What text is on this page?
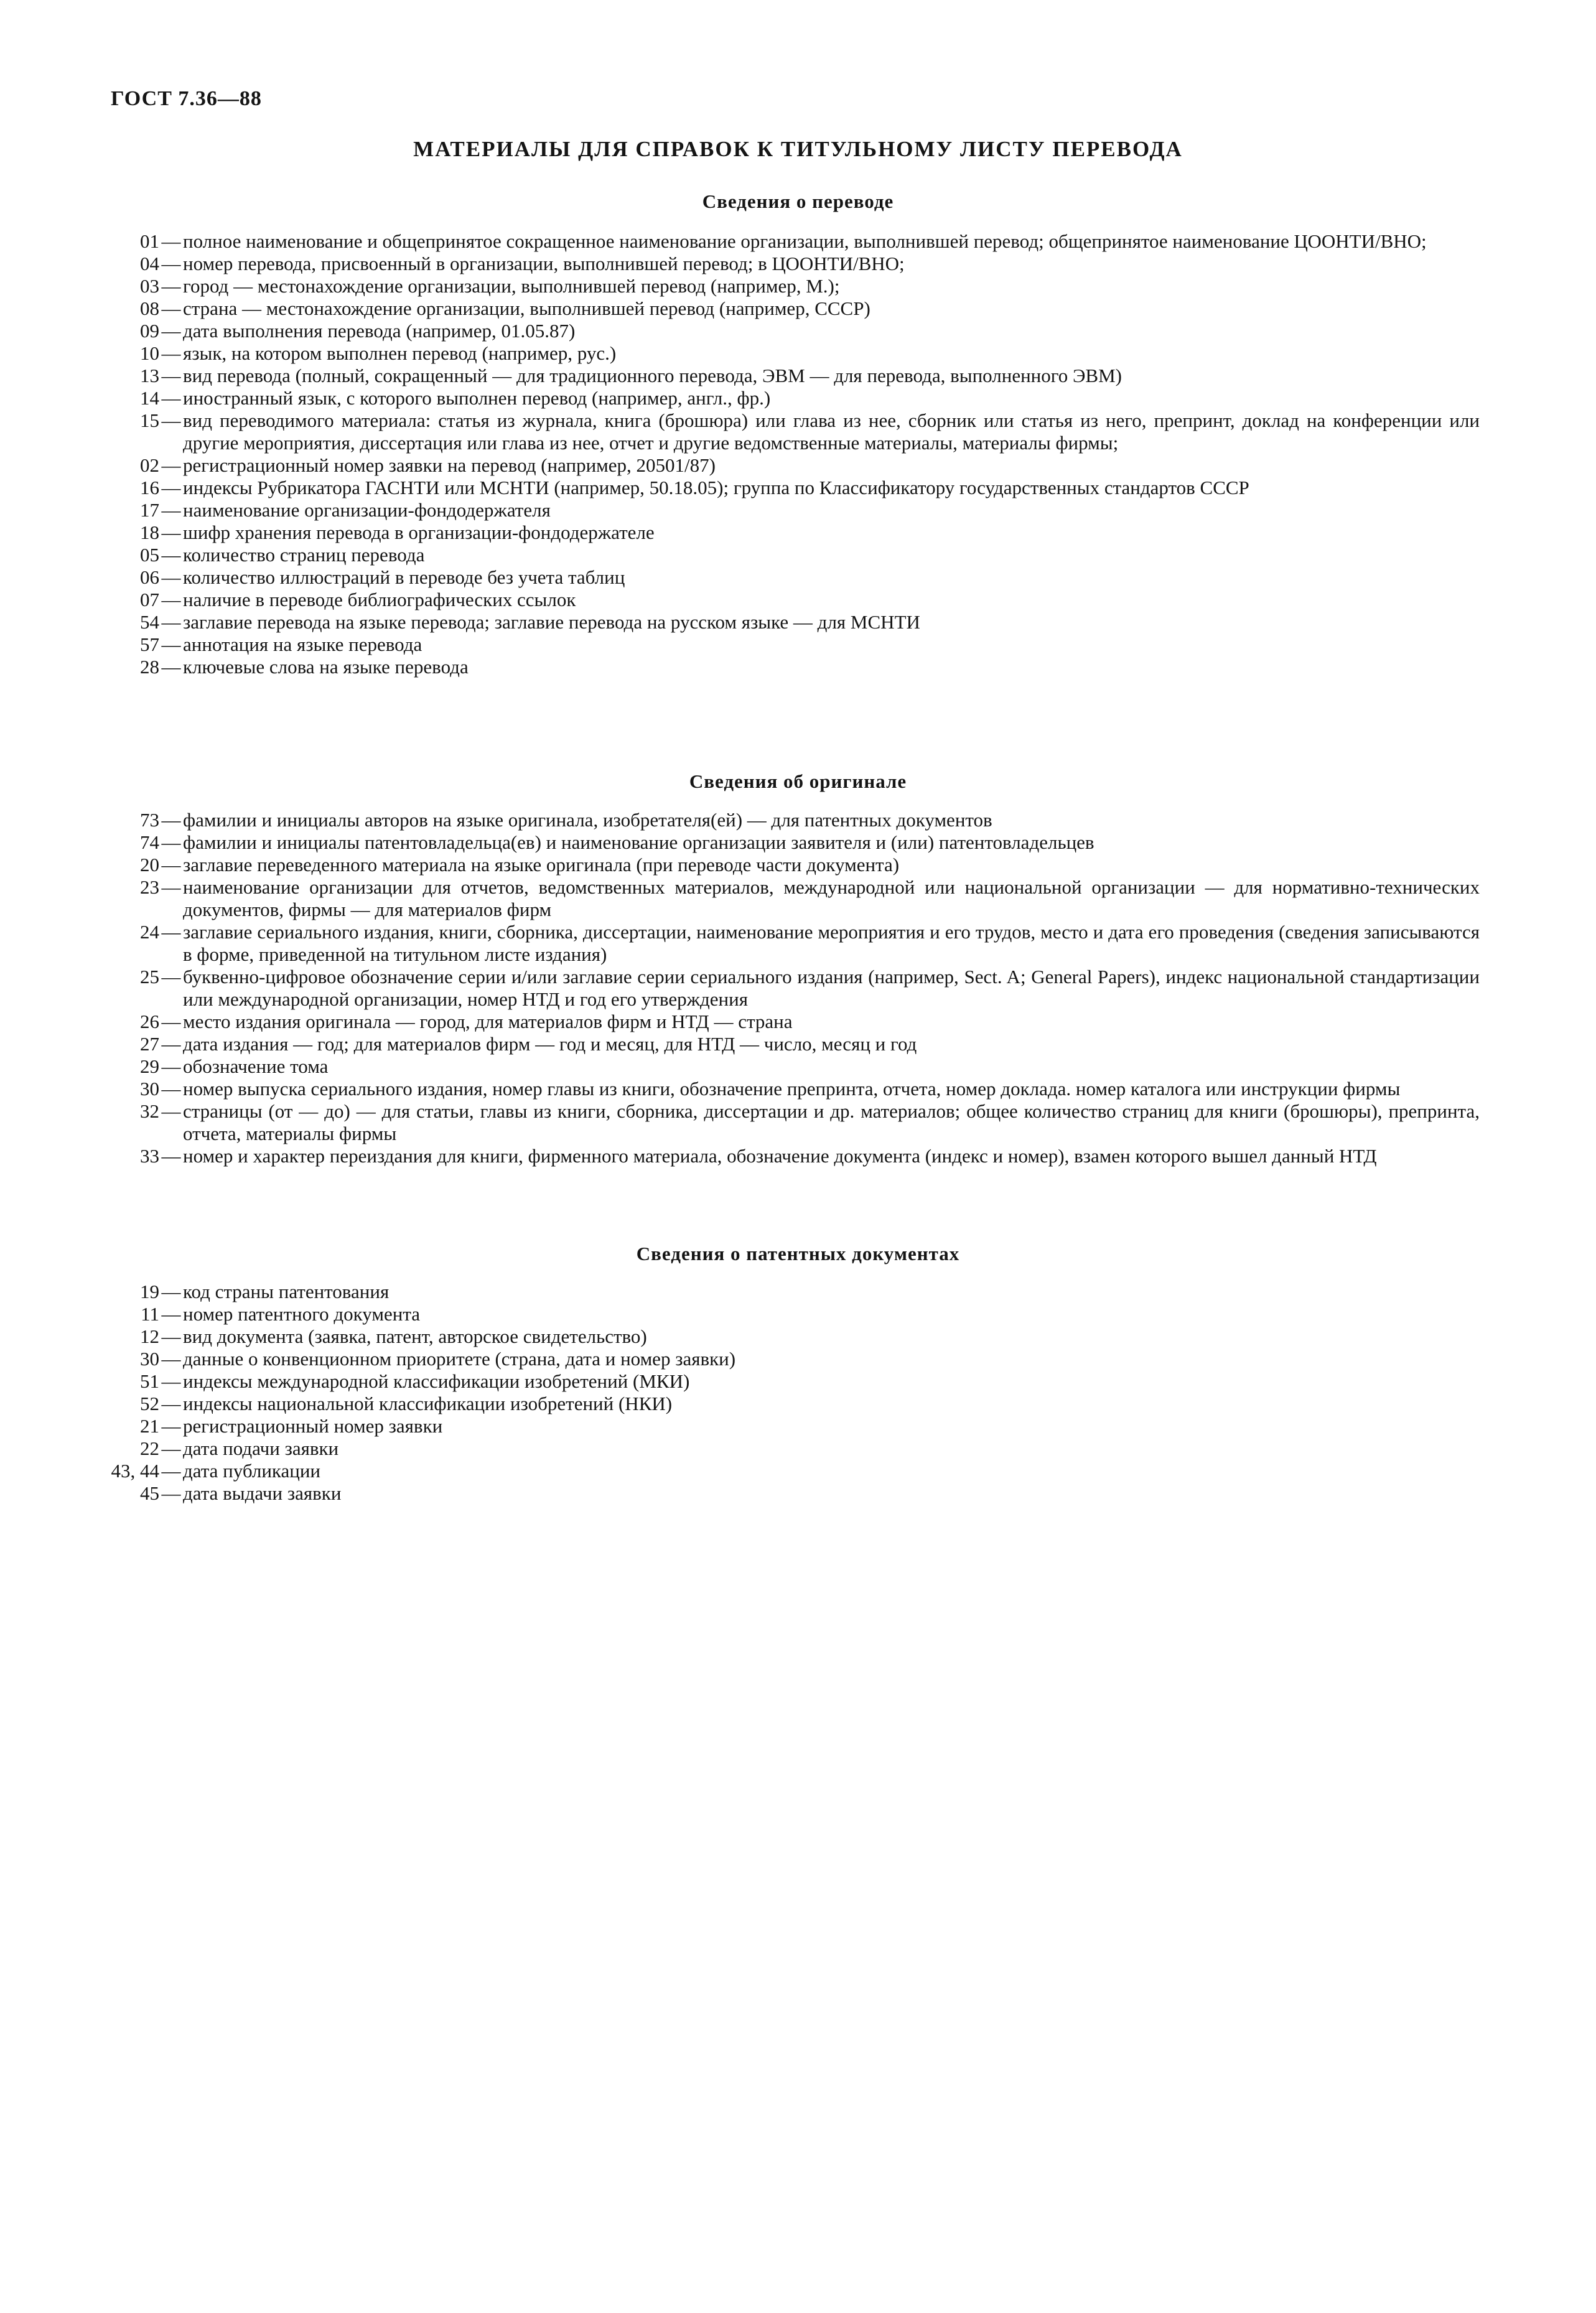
ГОСТ 7.36—88
МАТЕРИАЛЫ ДЛЯ СПРАВОК К ТИТУЛЬНОМУ ЛИСТУ ПЕРЕВОДА
Сведения о переводе
01 — полное наименование и общепринятое сокращенное наименование организации, выполнившей перевод; общепринятое наименование ЦООНТИ/ВНО;
04 — номер перевода, присвоенный в организации, выполнившей перевод; в ЦООНТИ/ВНО;
03 — город — местонахождение организации, выполнившей перевод (например, М.);
08 — страна — местонахождение организации, выполнившей перевод (например, СССР)
09 — дата выполнения перевода (например, 01.05.87)
10 — язык, на котором выполнен перевод (например, рус.)
13 — вид перевода (полный, сокращенный — для традиционного перевода, ЭВМ — для перевода, выполненного ЭВМ)
14 — иностранный язык, с которого выполнен перевод (например, англ., фр.)
15 — вид переводимого материала: статья из журнала, книга (брошюра) или глава из нее, сборник или статья из него, препринт, доклад на конференции или другие мероприятия, диссертация или глава из нее, отчет и другие ведомственные материалы, материалы фирмы;
02 — регистрационный номер заявки на перевод (например, 20501/87)
16 — индексы Рубрикатора ГАСНТИ или МСНТИ (например, 50.18.05); группа по Классификатору государственных стандартов СССР
17 — наименование организации-фондодержателя
18 — шифр хранения перевода в организации-фондодержателе
05 — количество страниц перевода
06 — количество иллюстраций в переводе без учета таблиц
07 — наличие в переводе библиографических ссылок
54 — заглавие перевода на языке перевода; заглавие перевода на русском языке — для МСНТИ
57 — аннотация на языке перевода
28 — ключевые слова на языке перевода
Сведения об оригинале
73 — фамилии и инициалы авторов на языке оригинала, изобретателя(ей) — для патентных документов
74 — фамилии и инициалы патентовладельца(ев) и наименование организации заявителя и (или) патентовладельцев
20 — заглавие переведенного материала на языке оригинала (при переводе части документа)
23 — наименование организации для отчетов, ведомственных материалов, международной или национальной организации — для нормативно-технических документов, фирмы — для материалов фирм
24 — заглавие сериального издания, книги, сборника, диссертации, наименование мероприятия и его трудов, место и дата его проведения (сведения записываются в форме, приведенной на титульном листе издания)
25 — буквенно-цифровое обозначение серии и/или заглавие серии сериального издания (например, Sect. A; General Papers), индекс национальной стандартизации или международной организации, номер НТД и год его утверждения
26 — место издания оригинала — город, для материалов фирм и НТД — страна
27 — дата издания — год; для материалов фирм — год и месяц, для НТД — число, месяц и год
29 — обозначение тома
30 — номер выпуска сериального издания, номер главы из книги, обозначение препринта, отчета, номер доклада. номер каталога или инструкции фирмы
32 — страницы (от — до) — для статьи, главы из книги, сборника, диссертации и др. материалов; общее количество страниц для книги (брошюры), препринта, отчета, материалы фирмы
33 — номер и характер переиздания для книги, фирменного материала, обозначение документа (индекс и номер), взамен которого вышел данный НТД
Сведения о патентных документах
19 — код страны патентования
11 — номер патентного документа
12 — вид документа (заявка, патент, авторское свидетельство)
30 — данные о конвенционном приоритете (страна, дата и номер заявки)
51 — индексы международной классификации изобретений (МКИ)
52 — индексы национальной классификации изобретений (НКИ)
21 — регистрационный номер заявки
22 — дата подачи заявки
43, 44 — дата публикации
45 — дата выдачи заявки
